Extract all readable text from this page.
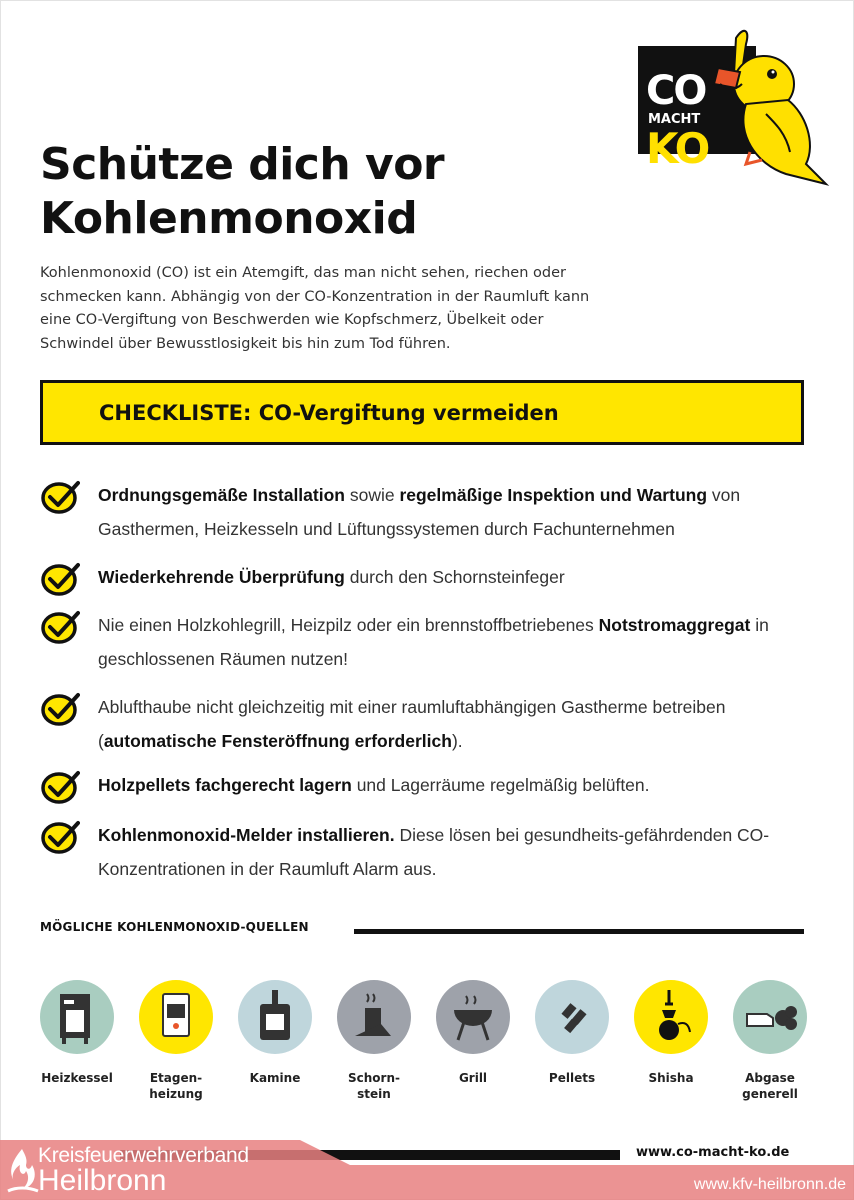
CO
MACHT
KO
Schütze dich vor Kohlenmonoxid

Kohlenmonoxid (CO) ist ein Atemgift, das man nicht sehen, riechen oder schmecken kann. Abhängig von der CO-Konzentration in der Raumluft kann eine CO-Vergiftung von Beschwerden wie Kopfschmerz, Übelkeit oder Schwindel über Bewusstlosigkeit bis hin zum Tod führen.

CHECKLISTE: CO-Vergiftung vermeiden
Ordnungsgemäße Installation sowie regelmäßige Inspektion und Wartung von Gasthermen, Heizkesseln und Lüftungssystemen durch Fachunternehmen
Wiederkehrende Überprüfung durch den Schornsteinfeger
Nie einen Holzkohlegrill, Heizpilz oder ein brennstoffbetriebenes Notstromaggregat in geschlossenen Räumen nutzen!
Ablufthaube nicht gleichzeitig mit einer raumluftabhängigen Gastherme betreiben (automatische Fensteröffnung erforderlich).
Holzpellets fachgerecht lagern und Lagerräume regelmäßig belüften.
Kohlenmonoxid-Melder installieren. Diese lösen bei gesundheits-gefährdenden CO-Konzentrationen in der Raumluft Alarm aus.
MÖGLICHE KOHLENMONOXID-QUELLEN
Heizkessel	Etagen-
heizung
Kamine	Schorn-
stein
Grill	Pellets	Shisha	Abgase
generell
www.co-macht-ko.de
Kreisfeuerwehrverband
Heilbronn	www.kfv-heilbronn.de
